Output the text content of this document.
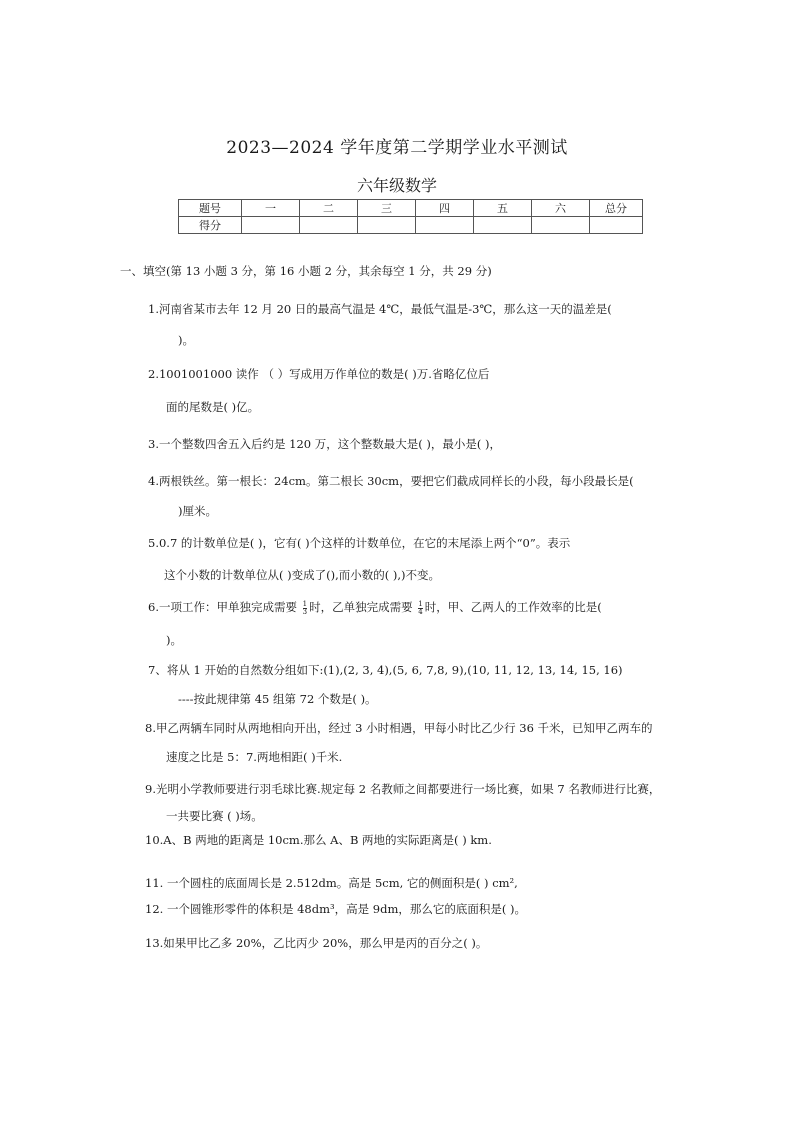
2023—2024 学年度第二学期学业水平测试
六年级数学
题号	一	二	三	四	五	六	总分
得分							
一、填空(第 13 小题 3 分，第 16 小题 2 分，其余每空 1 分，共 29 分)
1.河南省某市去年 12 月 20 日的最高气温是 4℃，最低气温是-3℃，那么这一天的温差是(
)。
2.1001001000 读作 （ ）写成用万作单位的数是( )万.省略亿位后
面的尾数是( )亿。
3.一个整数四舍五入后约是 120 万，这个整数最大是( )，最小是( )，
4.两根铁丝。第一根长：24cm。第二根长 30cm，要把它们截成同样长的小段，每小段最长是(
)厘米。
5.0.7 的计数单位是( )，它有( )个这样的计数单位，在它的末尾添上两个“0”。表示
这个小数的计数单位从( )变成了(),而小数的( ),)不变。
6.一项工作：甲单独完成需要 $\frac{1}{3}$ 时，乙单独完成需要 $\frac{1}{4}$ 时，甲、乙两人的工作效率的比是(
)。
7、将从 1 开始的自然数分组如下:(1),(2, 3, 4),(5, 6, 7,8, 9),(10, 11, 12, 13, 14, 15, 16)
----按此规律第 45 组第 72 个数是( )。
8.甲乙两辆车同时从两地相向开出，经过 3 小时相遇，甲每小时比乙少行 36 千米，已知甲乙两车的
速度之比是 5：7.两地相距( )千米.
9.光明小学教师要进行羽毛球比赛.规定每 2 名教师之间都要进行一场比赛，如果 7 名教师进行比赛，
一共要比赛 ( )场。
10.A、B 两地的距离是 10cm.那么 A、B 两地的实际距离是( ) km.
11. 一个圆柱的底面周长是 2.512dm。高是 5cm, 它的侧面积是( ) cm²,
12. 一个圆锥形零件的体积是 48dm³，高是 9dm，那么它的底面积是( )。
13.如果甲比乙多 20%，乙比丙少 20%，那么甲是丙的百分之( )。
